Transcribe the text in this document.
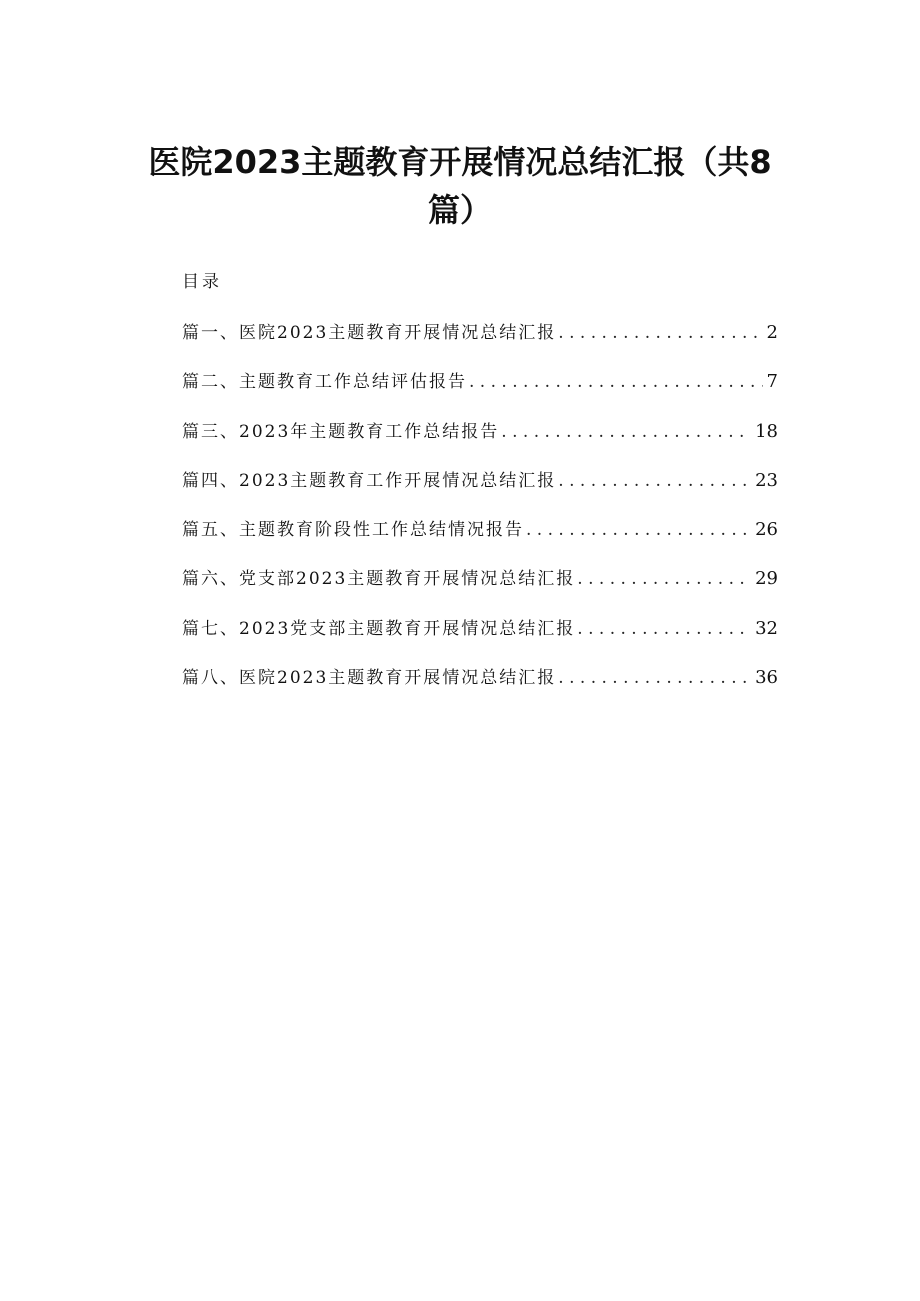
医院2023主题教育开展情况总结汇报（共8篇）

目录

篇一、医院2023主题教育开展情况总结汇报 . . .	2
篇二、主题教育工作总结评估报告 . . .	7
篇三、2023年主题教育工作总结报告 . . .	18
篇四、2023主题教育工作开展情况总结汇报 . . .	23
篇五、主题教育阶段性工作总结情况报告 . . .	26
篇六、党支部2023主题教育开展情况总结汇报 . . .	29
篇七、2023党支部主题教育开展情况总结汇报 . . .	32
篇八、医院2023主题教育开展情况总结汇报 . . .	36
